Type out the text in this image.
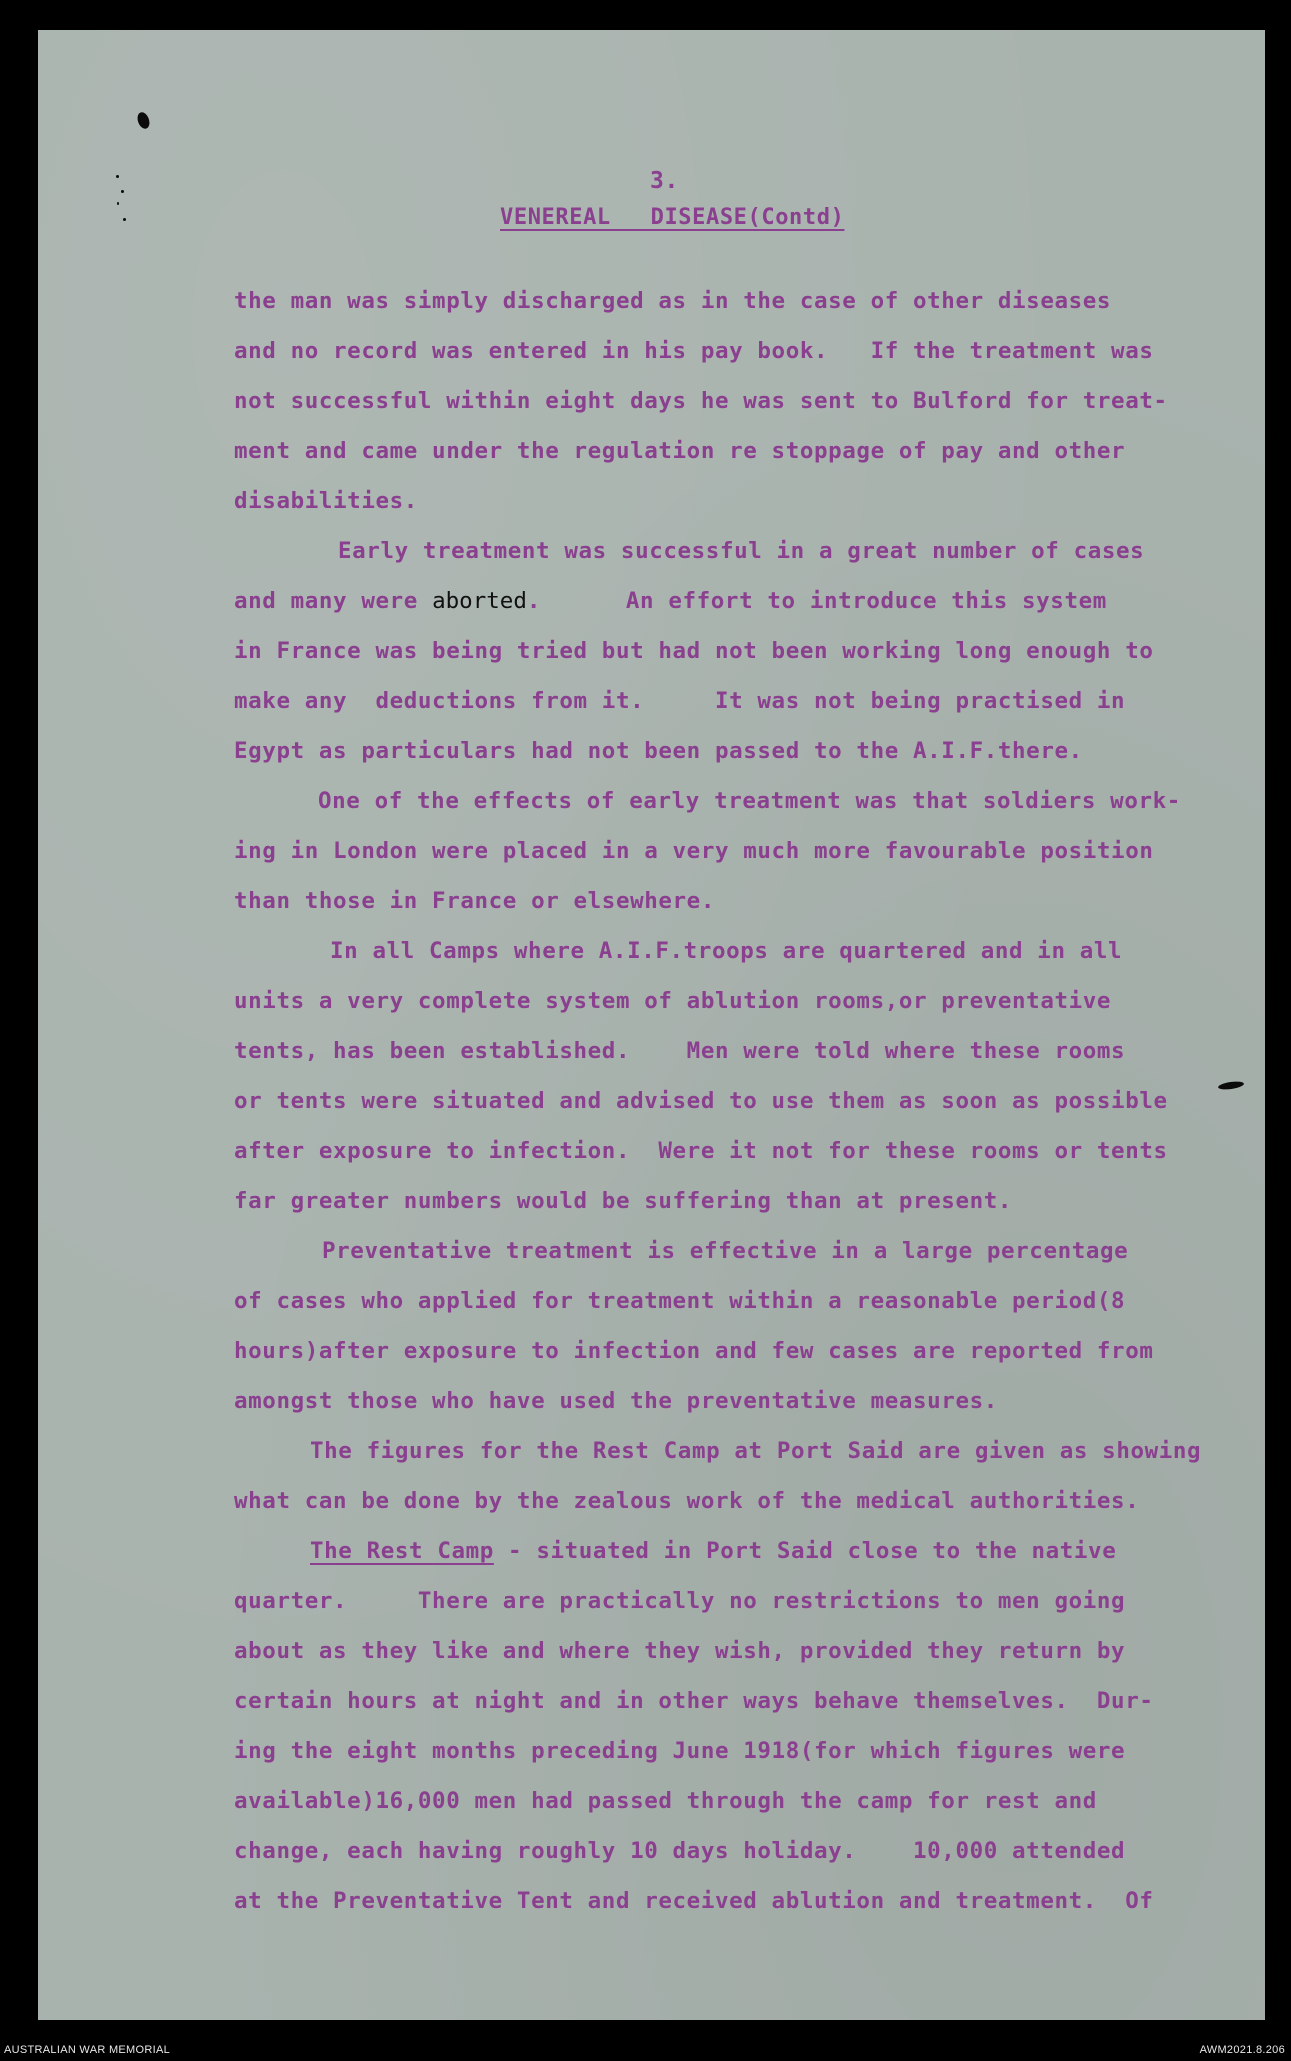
3.
VENEREAL DISEASE(Contd)
the man was simply discharged as in the case of other diseases
and no record was entered in his pay book.   If the treatment was
not successful within eight days he was sent to Bulford for treat-
ment and came under the regulation re stoppage of pay and other
disabilities.
Early treatment was successful in a great number of cases
and many were aborted.      An effort to introduce this system
in France was being tried but had not been working long enough to
make any  deductions from it.     It was not being practised in
Egypt as particulars had not been passed to the A.I.F.there.
One of the effects of early treatment was that soldiers work-
ing in London were placed in a very much more favourable position
than those in France or elsewhere.
In all Camps where A.I.F.troops are quartered and in all
units a very complete system of ablution rooms,or preventative
tents, has been established.    Men were told where these rooms
or tents were situated and advised to use them as soon as possible
after exposure to infection.  Were it not for these rooms or tents
far greater numbers would be suffering than at present.
Preventative treatment is effective in a large percentage
of cases who applied for treatment within a reasonable period(8
hours)after exposure to infection and few cases are reported from
amongst those who have used the preventative measures.
The figures for the Rest Camp at Port Said are given as showing
what can be done by the zealous work of the medical authorities.
The Rest Camp - situated in Port Said close to the native
quarter.     There are practically no restrictions to men going
about as they like and where they wish, provided they return by
certain hours at night and in other ways behave themselves.  Dur-
ing the eight months preceding June 1918(for which figures were
available)16,000 men had passed through the camp for rest and
change, each having roughly 10 days holiday.    10,000 attended
at the Preventative Tent and received ablution and treatment.  Of
AUSTRALIAN WAR MEMORIAL	AWM2021.8.206
